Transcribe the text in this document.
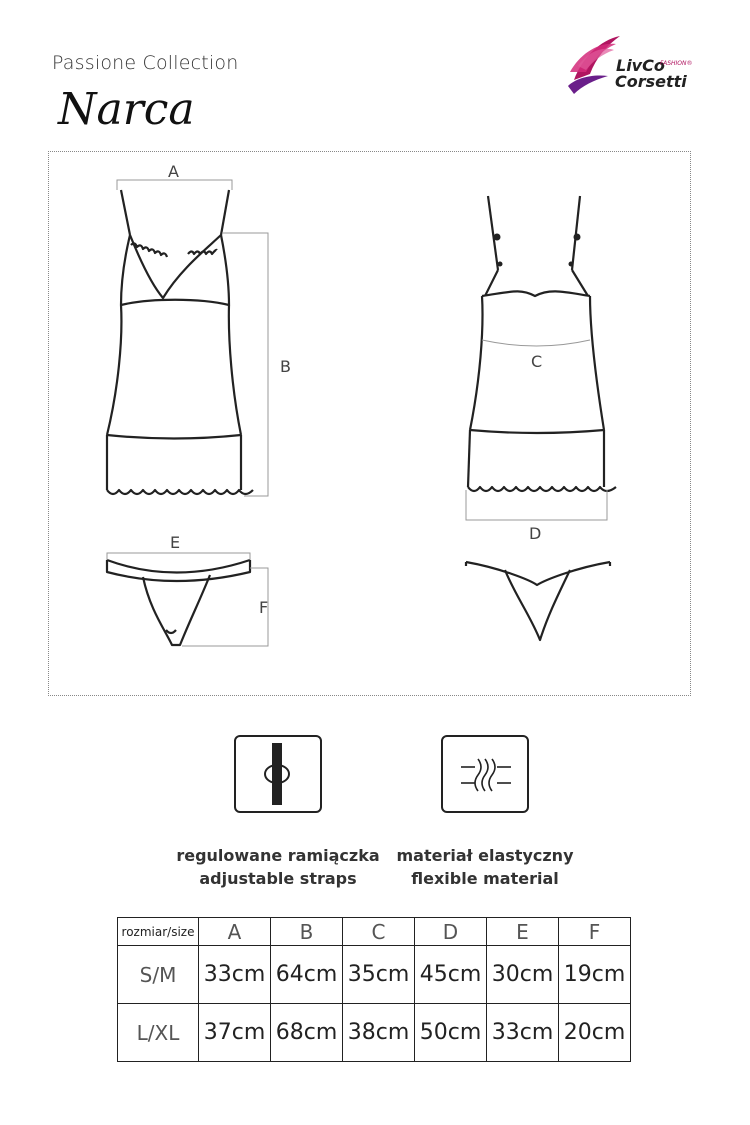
Passione Collection
Narca
LivCo
FASHION®
Corsetti
A
B	C
D
E
F
regulowane ramiączka
adjustable straps
materiał elastyczny
flexible material
rozmiar/size	A	B	C	D	E	F
S/M	33cm	64cm	35cm	45cm	30cm	19cm
L/XL	37cm	68cm	38cm	50cm	33cm	20cm
